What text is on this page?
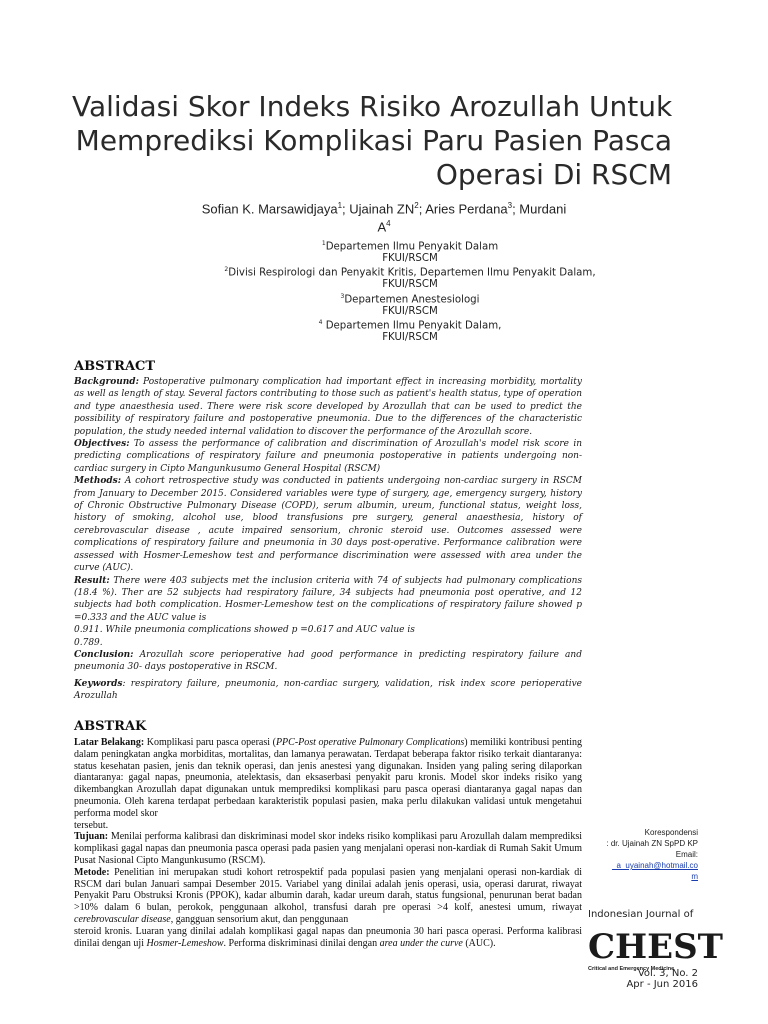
Validasi Skor Indeks Risiko Arozullah Untuk
Memprediksi Komplikasi Paru Pasien Pasca
Operasi Di RSCM
Sofian K. Marsawidjaya$^1$; Ujainah $ZN^2$; Aries Perdana$^3$; Murdani $A^4$
$^1$Departemen Ilmu Penyakit Dalam
FKUI/RSCM
$^2$Divisi Respirologi dan Penyakit Kritis, Departemen Ilmu Penyakit Dalam,
FKUI/RSCM
$^3$Departemen Anestesiologi
FKUI/RSCM
$^4$ Departemen Ilmu Penyakit Dalam,
FKUI/RSCM
ABSTRACT

Background: Postoperative pulmonary complication had important effect in increasing morbidity, mortality as well as length of stay. Several factors contributing to those such as patient's health status, type of operation and type anaesthesia used. There were risk score developed by Arozullah that can be used to predict the possibility of respiratory failure and postoperative pneumonia. Due to the differences of the characteristic population, the study needed internal validation to discover the performance of the Arozullah score.

Objectives: To assess the performance of calibration and discrimination of Arozullah's model risk score in predicting complications of respiratory failure and pneumonia postoperative in patients undergoing non-cardiac surgery in Cipto Mangunkusumo General Hospital (RSCM)

Methods: A cohort retrospective study was conducted in patients undergoing non-cardiac surgery in RSCM from January to December 2015. Considered variables were type of surgery, age, emergency surgery, history of Chronic Obstructive Pulmonary Disease (COPD), serum albumin, ureum, functional status, weight loss, history of smoking, alcohol use, blood transfusions pre surgery, general anaesthesia, history of cerebrovascular disease , acute impaired sensorium, chronic steroid use. Outcomes assessed were complications of respiratory failure and pneumonia in 30 days post-operative. Performance calibration were assessed with Hosmer-Lemeshow test and performance discrimination were assessed with area under the curve (AUC).

Result: There were 403 subjects met the inclusion criteria with 74 of subjects had pulmonary complications (18.4 %). Ther are 52 subjects had respiratory failure, 34 subjects had pneumonia post operative, and 12 subjects had both complication. Hosmer-Lemeshow test on the complications of respiratory failure showed p =0.333 and the AUC value is

0.911. While pneumonia complications showed p =0.617 and AUC value is

0.789.

Conclusion: Arozullah score perioperative had good performance in predicting respiratory failure and pneumonia 30- days postoperative in RSCM.

Keywords: respiratory failure, pneumonia, non-cardiac surgery, validation, risk index score perioperative Arozullah
ABSTRAK

Latar Belakang: Komplikasi paru pasca operasi (PPC-Post operative Pulmonary Complications) memiliki kontribusi penting dalam peningkatan angka morbiditas, mortalitas, dan lamanya perawatan. Terdapat beberapa faktor risiko terkait diantaranya: status kesehatan pasien, jenis dan teknik operasi, dan jenis anestesi yang digunakan. Insiden yang paling sering dilaporkan diantaranya: gagal napas, pneumonia, atelektasis, dan eksaserbasi penyakit paru kronis. Model skor indeks risiko yang dikembangkan Arozullah dapat digunakan untuk memprediksi komplikasi paru pasca operasi diantaranya gagal napas dan pneumonia. Oleh karena terdapat perbedaan karakteristik populasi pasien, maka perlu dilakukan validasi untuk mengetahui performa model skor

tersebut.

Tujuan: Menilai performa kalibrasi dan diskriminasi model skor indeks risiko komplikasi paru Arozullah dalam memprediksi komplikasi gagal napas dan pneumonia pasca operasi pada pasien yang menjalani operasi non-kardiak di Rumah Sakit Umum Pusat Nasional Cipto Mangunkusumo (RSCM).

Metode: Penelitian ini merupakan studi kohort retrospektif pada populasi pasien yang menjalani operasi non-kardiak di RSCM dari bulan Januari sampai Desember 2015. Variabel yang dinilai adalah jenis operasi, usia, operasi darurat, riwayat Penyakit Paru Obstruksi Kronis (PPOK), kadar albumin darah, kadar ureum darah, status fungsional, penurunan berat badan >10% dalam 6 bulan, perokok, penggunaan alkohol, transfusi darah pre operasi >4 kolf, anestesi umum, riwayat cerebrovascular disease, gangguan sensorium akut, dan penggunaan

steroid kronis. Luaran yang dinilai adalah komplikasi gagal napas dan pneumonia 30 hari pasca operasi. Performa kalibrasi dinilai dengan uji Hosmer-Lemeshow. Performa diskriminasi dinilai dengan area under the curve (AUC).

Korespondensi
: dr. Ujainah ZN SpPD KP
Email:
_a_uyainah@hotmail.co
m
Indonesian Journal of
CHEST
Critical and Emergency Medicine
Vol. 3, No. 2
Apr - Jun 2016
